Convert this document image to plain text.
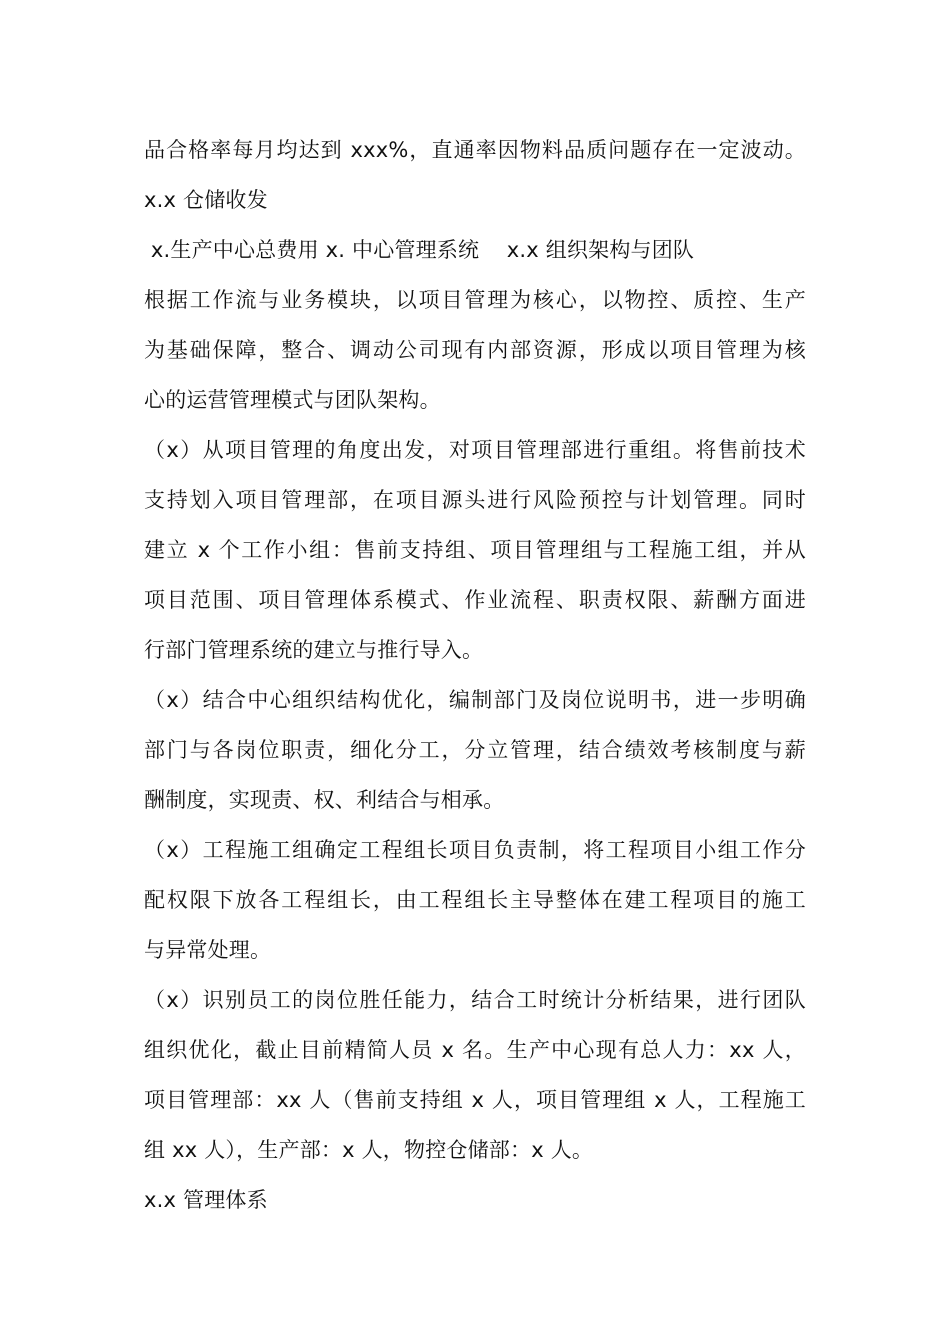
品合格率每月均达到 xxx%，直通率因物料品质问题存在一定波动。
x.x 仓储收发
x.生产中心总费用 x. 中心管理系统    x.x 组织架构与团队
根据工作流与业务模块，以项目管理为核心，以物控、质控、生产
为基础保障，整合、调动公司现有内部资源，形成以项目管理为核
心的运营管理模式与团队架构。
（x）从项目管理的角度出发，对项目管理部进行重组。将售前技术
支持划入项目管理部，在项目源头进行风险预控与计划管理。同时
建立 x 个工作小组：售前支持组、项目管理组与工程施工组，并从
项目范围、项目管理体系模式、作业流程、职责权限、薪酬方面进
行部门管理系统的建立与推行导入。
（x）结合中心组织结构优化，编制部门及岗位说明书，进一步明确
部门与各岗位职责，细化分工，分立管理，结合绩效考核制度与薪
酬制度，实现责、权、利结合与相承。
（x）工程施工组确定工程组长项目负责制，将工程项目小组工作分
配权限下放各工程组长，由工程组长主导整体在建工程项目的施工
与异常处理。
（x）识别员工的岗位胜任能力，结合工时统计分析结果，进行团队
组织优化，截止目前精简人员 x 名。生产中心现有总人力：xx 人，
项目管理部：xx 人（售前支持组 x 人，项目管理组 x 人，工程施工
组 xx 人），生产部：x 人，物控仓储部：x 人。
x.x 管理体系
